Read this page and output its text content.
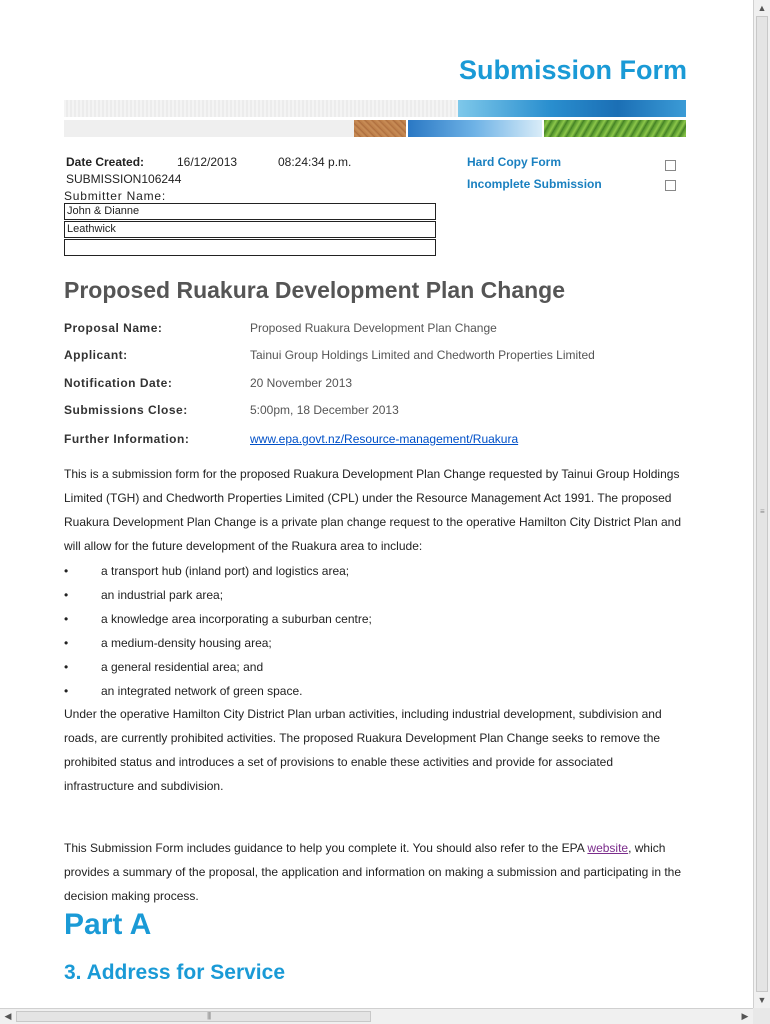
Submission Form
Date Created:	16/12/2013	08:24:34 p.m.
SUBMISSION106244
Submitter Name:
John & Dianne
Leathwick
Hard Copy Form
Incomplete Submission
Proposed Ruakura Development Plan Change
Proposal Name:	Proposed Ruakura Development Plan Change
Applicant:	Tainui Group Holdings Limited and Chedworth Properties Limited
Notification Date:	20 November 2013
Submissions Close:	5:00pm, 18 December 2013
Further Information:	www.epa.govt.nz/Resource-management/Ruakura
This is a submission form for the proposed Ruakura Development Plan Change requested by Tainui Group Holdings Limited (TGH) and Chedworth Properties Limited (CPL) under the Resource Management Act 1991. The proposed Ruakura Development Plan Change is a private plan change request to the operative Hamilton City District Plan and will allow for the future development of the Ruakura area to include:
•	a transport hub (inland port) and logistics area;
•	an industrial park area;
•	a knowledge area incorporating a suburban centre;
•	a medium-density housing area;
•	a general residential area; and
•	an integrated network of green space.
Under the operative Hamilton City District Plan urban activities, including industrial development, subdivision and roads, are currently prohibited activities. The proposed Ruakura Development Plan Change seeks to remove the prohibited status and introduces a set of provisions to enable these activities and provide for associated infrastructure and subdivision.
This Submission Form includes guidance to help you complete it. You should also refer to the EPA website, which provides a summary of the proposal, the application and information on making a submission and participating in the decision making process.
Part A
3. Address for Service
▲
≡
▼
◀	|||	▶
